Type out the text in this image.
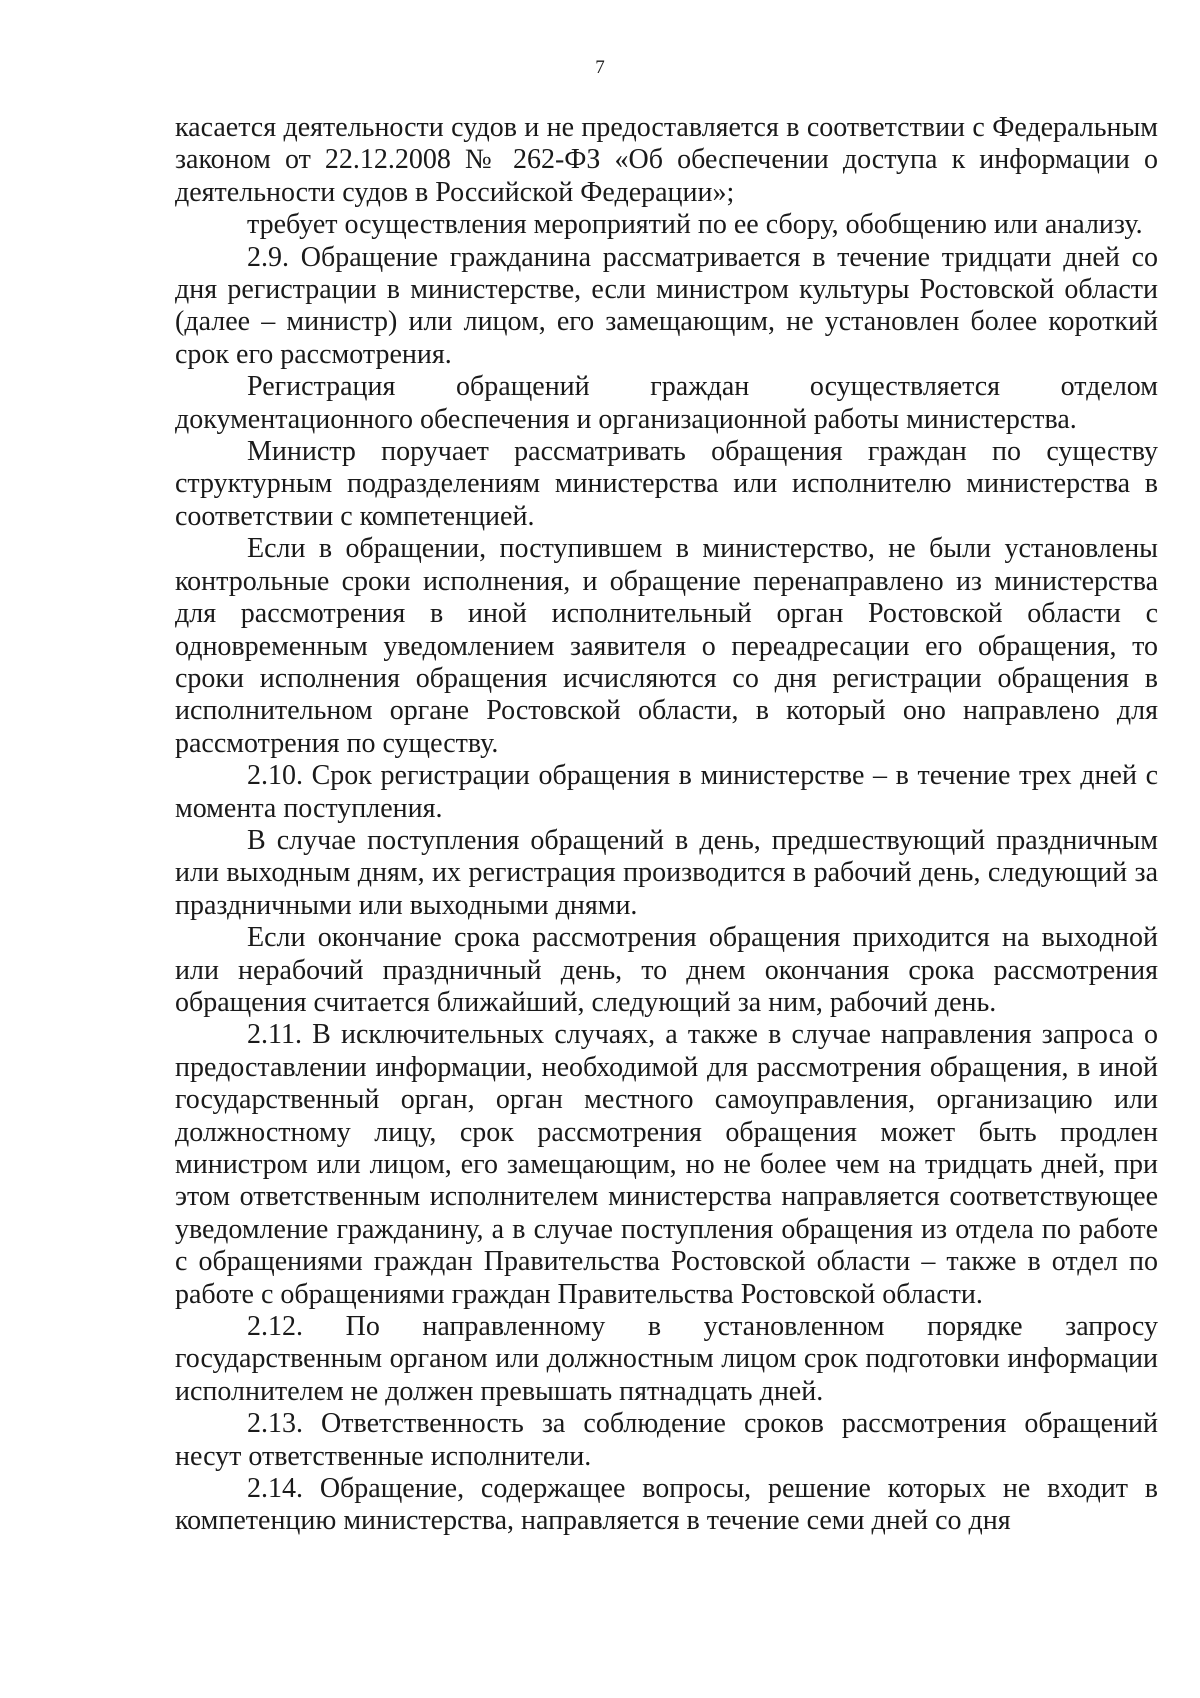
7

касается деятельности судов и не предоставляется в соответствии с Федеральным законом от 22.12.2008 № 262-ФЗ «Об обеспечении доступа к информации о деятельности судов в Российской Федерации»;

требует осуществления мероприятий по ее сбору, обобщению или анализу.

2.9. Обращение гражданина рассматривается в течение тридцати дней со дня регистрации в министерстве, если министром культуры Ростовской области (далее – министр) или лицом, его замещающим, не установлен более короткий срок его рассмотрения.

Регистрация обращений граждан осуществляется отделом документационного обеспечения и организационной работы министерства.

Министр поручает рассматривать обращения граждан по существу структурным подразделениям министерства или исполнителю министерства в соответствии с компетенцией.

Если в обращении, поступившем в министерство, не были установлены контрольные сроки исполнения, и обращение перенаправлено из министерства для рассмотрения в иной исполнительный орган Ростовской области с одновременным уведомлением заявителя о переадресации его обращения, то сроки исполнения обращения исчисляются со дня регистрации обращения в исполнительном органе Ростовской области, в который оно направлено для рассмотрения по существу.

2.10. Срок регистрации обращения в министерстве – в течение трех дней с момента поступления.

В случае поступления обращений в день, предшествующий праздничным или выходным дням, их регистрация производится в рабочий день, следующий за праздничными или выходными днями.

Если окончание срока рассмотрения обращения приходится на выходной или нерабочий праздничный день, то днем окончания срока рассмотрения обращения считается ближайший, следующий за ним, рабочий день.

2.11. В исключительных случаях, а также в случае направления запроса о предоставлении информации, необходимой для рассмотрения обращения, в иной государственный орган, орган местного самоуправления, организацию или должностному лицу, срок рассмотрения обращения может быть продлен министром или лицом, его замещающим, но не более чем на тридцать дней, при этом ответственным исполнителем министерства направляется соответствующее уведомление гражданину, а в случае поступления обращения из отдела по работе с обращениями граждан Правительства Ростовской области – также в отдел по работе с обращениями граждан Правительства Ростовской области.

2.12. По направленному в установленном порядке запросу государственным органом или должностным лицом срок подготовки информации исполнителем не должен превышать пятнадцать дней.

2.13. Ответственность за соблюдение сроков рассмотрения обращений несут ответственные исполнители.

2.14. Обращение, содержащее вопросы, решение которых не входит в компетенцию министерства, направляется в течение семи дней со дня
